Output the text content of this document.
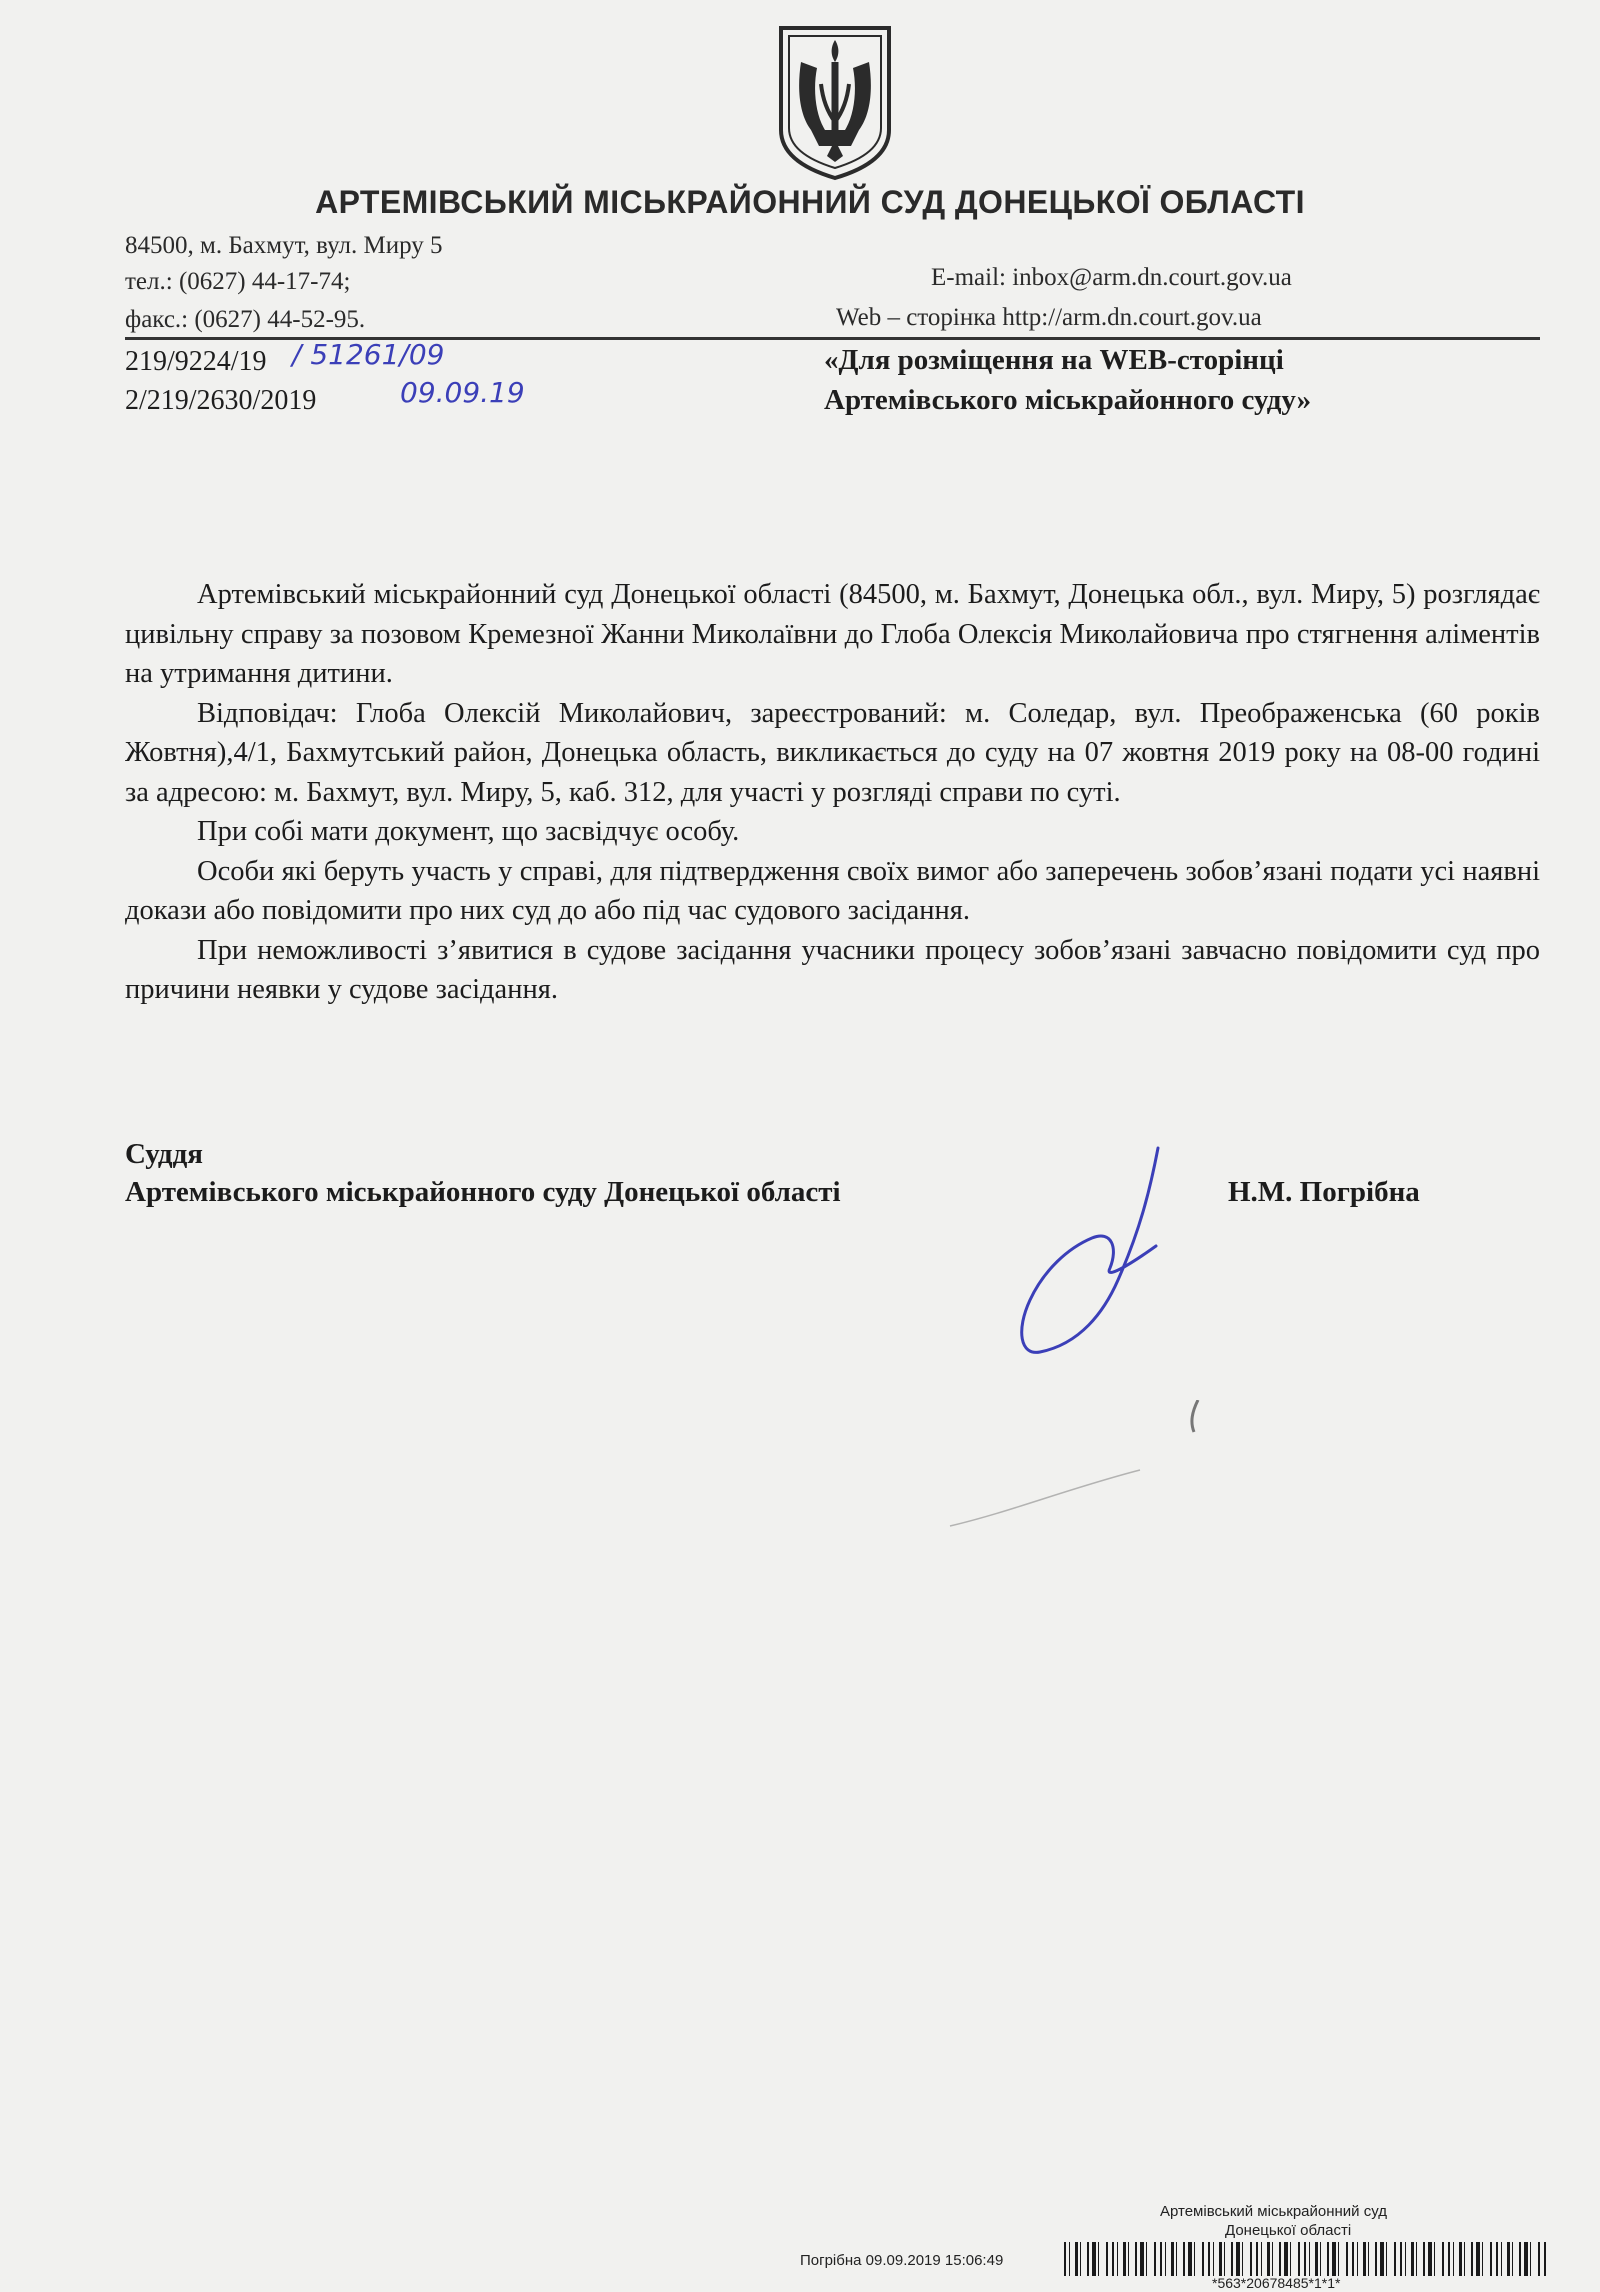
АРТЕМІВСЬКИЙ МІСЬКРАЙОННИЙ СУД ДОНЕЦЬКОЇ ОБЛАСТІ
84500, м. Бахмут, вул. Миру 5
тел.: (0627) 44-17-74;
факс.: (0627) 44-52-95.
E-mail: inbox@arm.dn.court.gov.ua
Web – сторінка http://arm.dn.court.gov.ua
219/9224/19
2/219/2630/2019
/ 51261/09
09.09.19
«Для розміщення на WEB-сторінці
Артемівського міськрайонного суду»

Артемівський міськрайонний суд Донецької області (84500, м. Бахмут, Донецька обл., вул. Миру, 5) розглядає цивільну справу за позовом Кремезної Жанни Миколаївни до Глоба Олексія Миколайовича про стягнення аліментів на утримання дитини.

Відповідач: Глоба Олексій Миколайович, зареєстрований: м. Соледар, вул. Преображенська (60 років Жовтня),4/1, Бахмутський район, Донецька область, викликається до суду на 07 жовтня 2019 року на 08-00 годині за адресою: м. Бахмут, вул. Миру, 5, каб. 312, для участі у розгляді справи по суті.

При собі мати документ, що засвідчує особу.

Особи які беруть участь у справі, для підтвердження своїх вимог або заперечень зобов’язані подати усі наявні докази або повідомити про них суд до або під час судового засідання.

При неможливості з’явитися в судове засідання учасники процесу зобов’язані завчасно повідомити суд про причини неявки у судове засідання.

Суддя
Артемівського міськрайонного суду Донецької області	Н.М. Погрібна
Артемівський міськрайонний суд
Донецької області
Погрібна 09.09.2019 15:06:49
*563*20678485*1*1*
